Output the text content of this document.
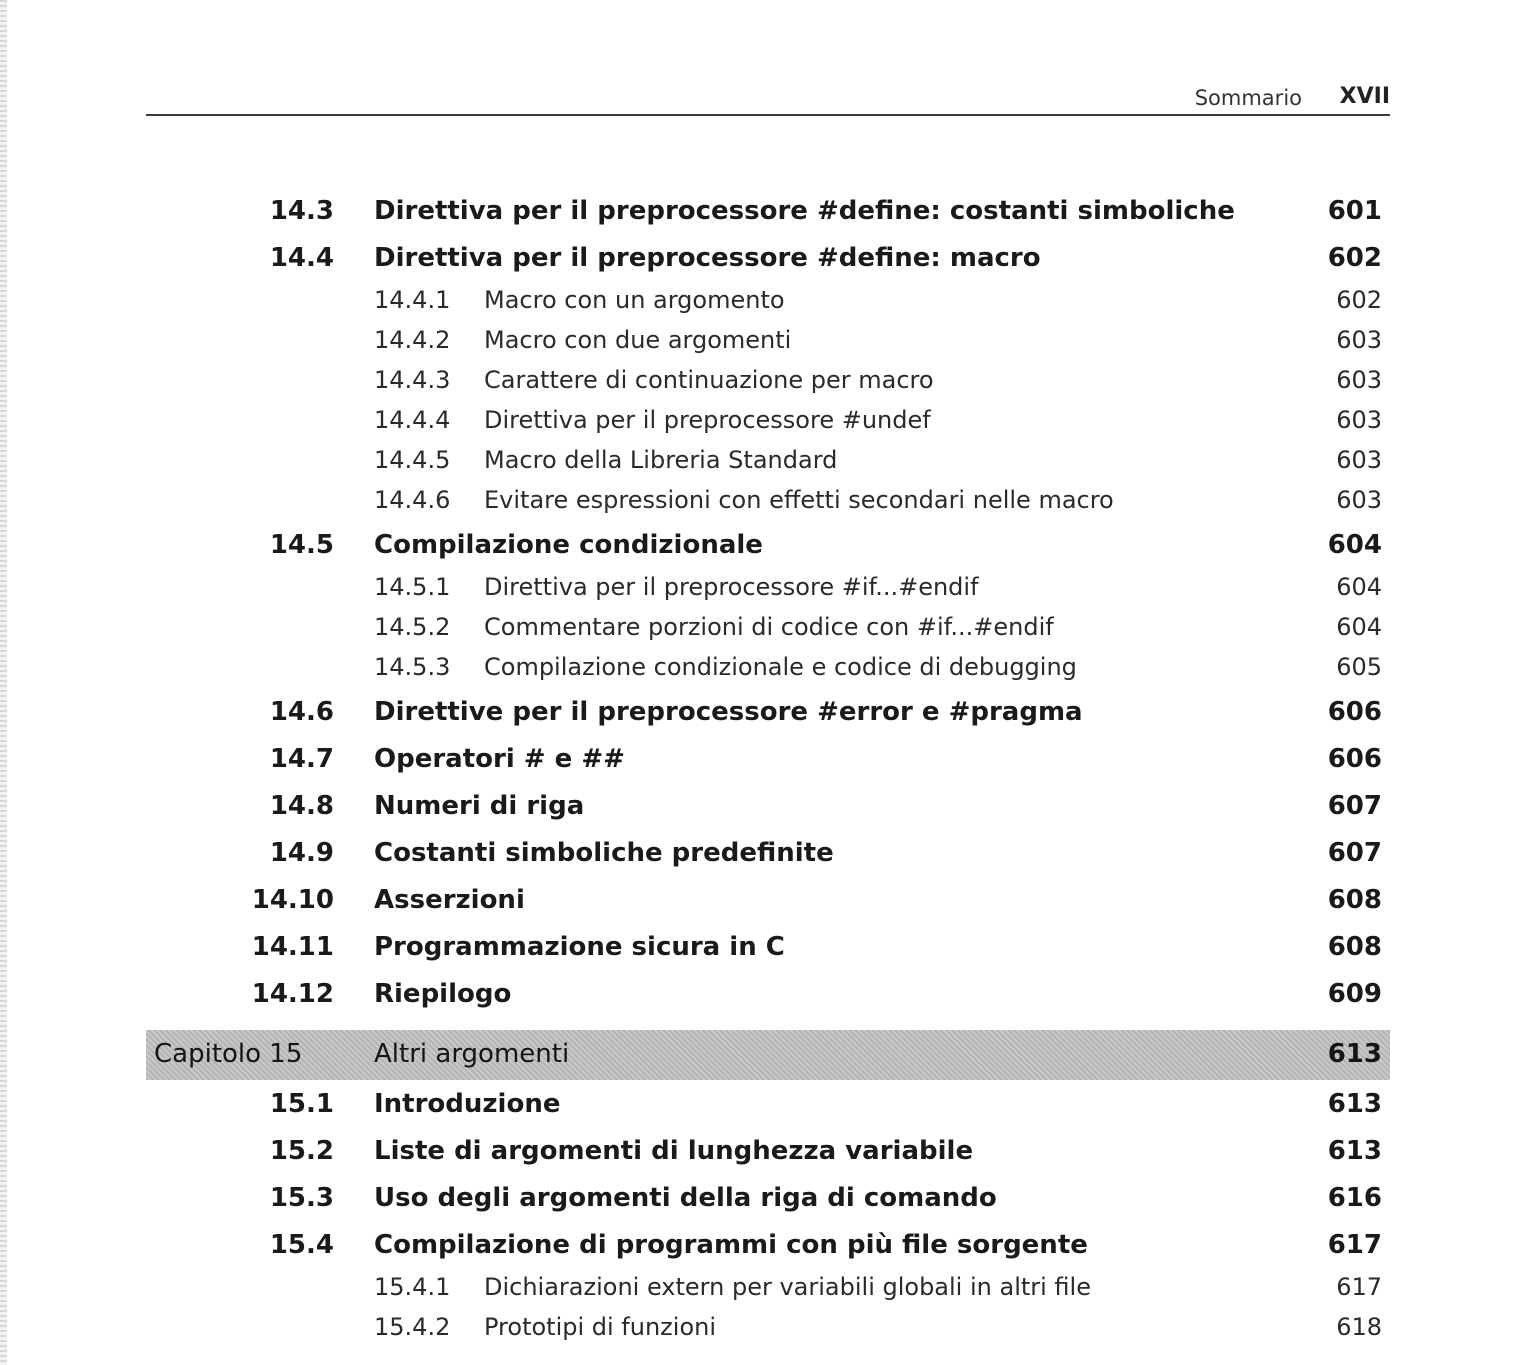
Sommario XVII
14.3 Direttiva per il preprocessore #define: costanti simboliche	601
14.4 Direttiva per il preprocessore #define: macro	602
14.4.1 Macro con un argomento	602
14.4.2 Macro con due argomenti	603
14.4.3 Carattere di continuazione per macro	603
14.4.4 Direttiva per il preprocessore #undef	603
14.4.5 Macro della Libreria Standard	603
14.4.6 Evitare espressioni con effetti secondari nelle macro	603
14.5 Compilazione condizionale	604
14.5.1 Direttiva per il preprocessore #if...#endif	604
14.5.2 Commentare porzioni di codice con #if...#endif	604
14.5.3 Compilazione condizionale e codice di debugging	605
14.6 Direttive per il preprocessore #error e #pragma	606
14.7 Operatori # e ##	606
14.8 Numeri di riga	607
14.9 Costanti simboliche predefinite	607
14.10 Asserzioni	608
14.11 Programmazione sicura in C	608
14.12 Riepilogo	609
Capitolo 15	Altri argomenti	613
15.1 Introduzione	613
15.2 Liste di argomenti di lunghezza variabile	613
15.3 Uso degli argomenti della riga di comando	616
15.4 Compilazione di programmi con più file sorgente	617
15.4.1 Dichiarazioni extern per variabili globali in altri file	617
15.4.2 Prototipi di funzioni	618
